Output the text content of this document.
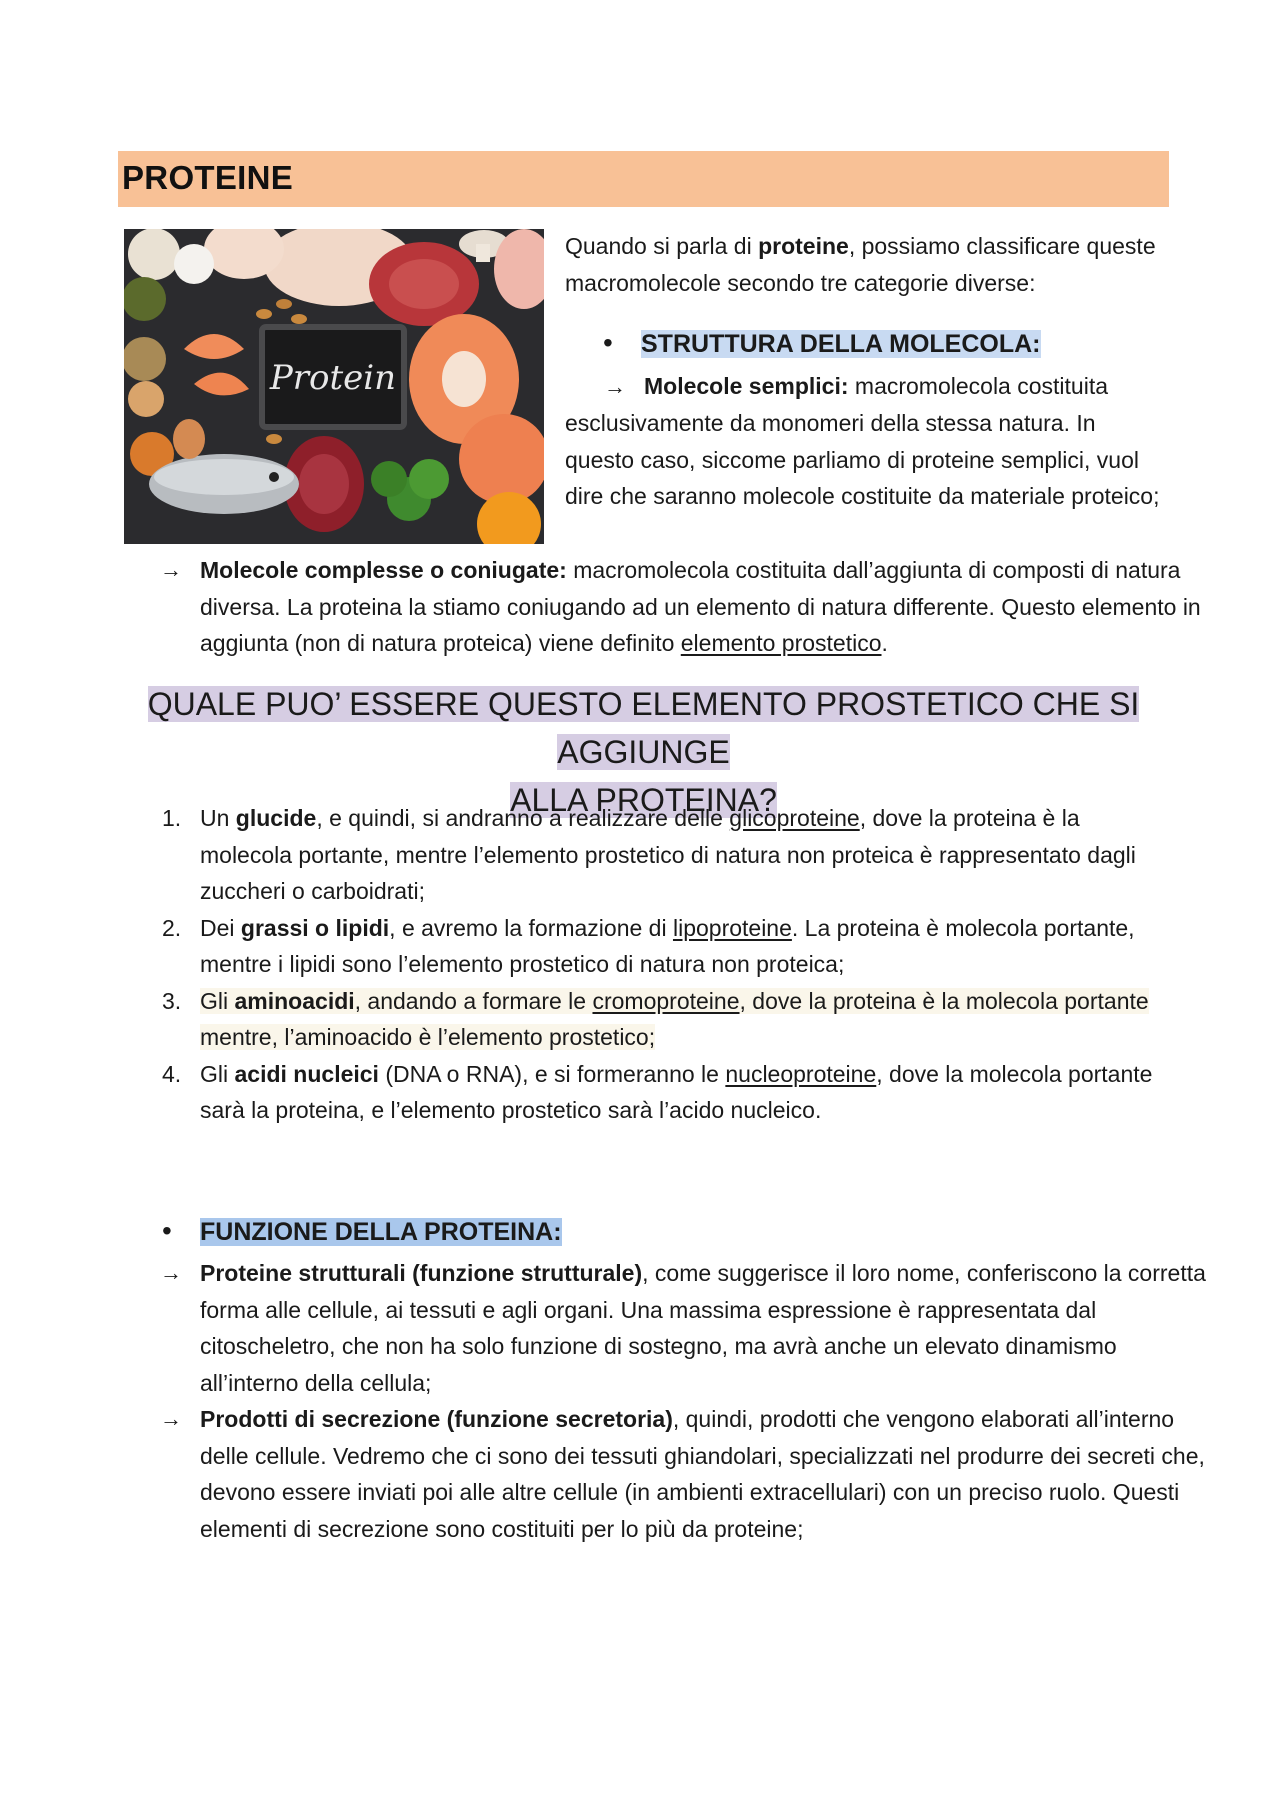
PROTEINE
Protein
Quando si parla di proteine, possiamo classificare queste macromolecole secondo tre categorie diverse:
• STRUTTURA DELLA MOLECOLA:
→ Molecole semplici: macromolecola costituita
esclusivamente da monomeri della stessa natura. In questo caso, siccome parliamo di proteine semplici, vuol dire che saranno molecole costituite da materiale proteico;
→ Molecole complesse o coniugate: macromolecola costituita dall’aggiunta di composti di natura diversa. La proteina la stiamo coniugando ad un elemento di natura differente. Questo elemento in aggiunta (non di natura proteica) viene definito elemento prostetico.
QUALE PUO’ ESSERE QUESTO ELEMENTO PROSTETICO CHE SI AGGIUNGE
ALLA PROTEINA?
1. Un glucide, e quindi, si andranno a realizzare delle glicoproteine, dove la proteina è la molecola portante, mentre l’elemento prostetico di natura non proteica è rappresentato dagli zuccheri o carboidrati;
2. Dei grassi o lipidi, e avremo la formazione di lipoproteine. La proteina è molecola portante, mentre i lipidi sono l’elemento prostetico di natura non proteica;
3. Gli aminoacidi, andando a formare le cromoproteine, dove la proteina è la molecola portante mentre, l’aminoacido è l’elemento prostetico;
4. Gli acidi nucleici (DNA o RNA), e si formeranno le nucleoproteine, dove la molecola portante sarà la proteina, e l’elemento prostetico sarà l’acido nucleico.
• FUNZIONE DELLA PROTEINA:
→ Proteine strutturali (funzione strutturale), come suggerisce il loro nome, conferiscono la corretta forma alle cellule, ai tessuti e agli organi. Una massima espressione è rappresentata dal citoscheletro, che non ha solo funzione di sostegno, ma avrà anche un elevato dinamismo all’interno della cellula;
→ Prodotti di secrezione (funzione secretoria), quindi, prodotti che vengono elaborati all’interno delle cellule. Vedremo che ci sono dei tessuti ghiandolari, specializzati nel produrre dei secreti che, devono essere inviati poi alle altre cellule (in ambienti extracellulari) con un preciso ruolo. Questi elementi di secrezione sono costituiti per lo più da proteine;
